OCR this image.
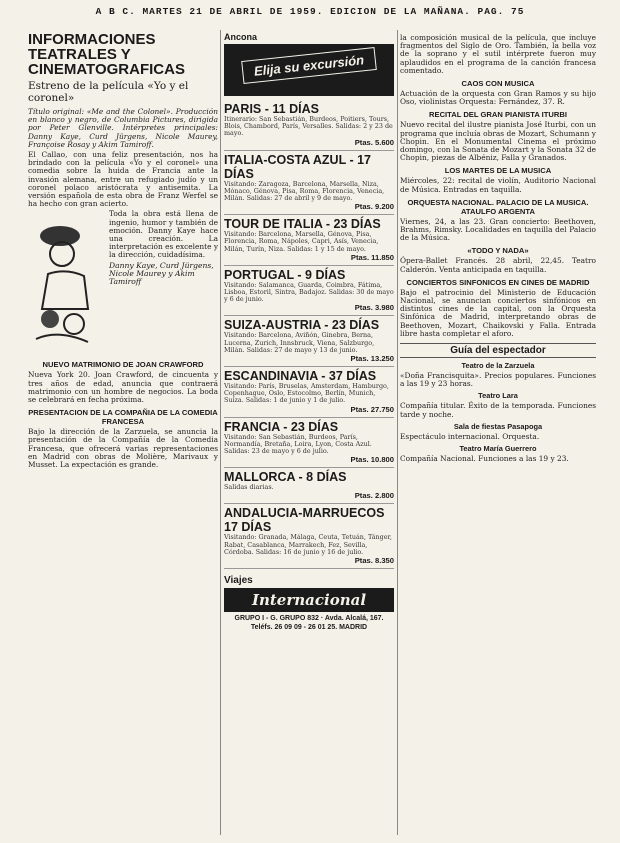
A B C. MARTES 21 DE ABRIL DE 1959. EDICION DE LA MAÑANA. PAG. 75
INFORMACIONES TEATRALES Y CINEMATOGRAFICAS
Estreno de la película «Yo y el coronel»
Título original: «Me and the Colonel». Producción en blanco y negro, de Columbia Pictures, dirigida por Peter Glenville. Intérpretes principales: Danny Kaye, Curd Jürgens, Nicole Maurey, Françoise Rosay y Akim Tamiroff.
El Callao, con una feliz presentación, nos ha brindado con la película «Yo y el coronel» una comedia sobre la huida de Francia ante la invasión alemana, entre un refugiado judío y un coronel polaco aristócrata y antisemita. La versión española de esta obra de Franz Werfel se ha hecho con gran acierto.
Toda la obra está llena de ingenio, humor y también de emoción. Danny Kaye hace una creación. La interpretación es excelente y la dirección, cuidadísima.
Danny Kaye, Curd Jürgens, Nicole Maurey y Akim Tamiroff
NUEVO MATRIMONIO DE JOAN CRAWFORD
Nueva York 20. Joan Crawford, de cincuenta y tres años de edad, anuncia que contraerá matrimonio con un hombre de negocios. La boda se celebrará en fecha próxima.
PRESENTACION DE LA COMPAÑIA DE LA COMEDIA FRANCESA
Bajo la dirección de la Zarzuela, se anuncia la presentación de la Compañía de la Comedia Francesa, que ofrecerá varias representaciones en Madrid con obras de Molière, Marivaux y Musset. La expectación es grande.
Ancona
Elija su excursión
PARIS - 11 DÍAS
Itinerario: San Sebastián, Burdeos, Poitiers, Tours, Blois, Chambord, París, Versalles. Salidas: 2 y 23 de mayo.
Ptas. 5.600
ITALIA-COSTA AZUL - 17 DÍAS
Visitando: Zaragoza, Barcelona, Marsella, Niza, Mónaco, Génova, Pisa, Roma, Florencia, Venecia, Milán. Salidas: 27 de abril y 9 de mayo.
Ptas. 9.200
TOUR DE ITALIA - 23 DÍAS
Visitando: Barcelona, Marsella, Génova, Pisa, Florencia, Roma, Nápoles, Capri, Asís, Venecia, Milán, Turín, Niza. Salidas: 1 y 15 de mayo.
Ptas. 11.850
PORTUGAL - 9 DÍAS
Visitando: Salamanca, Guarda, Coimbra, Fátima, Lisboa, Estoril, Sintra, Badajoz. Salidas: 30 de mayo y 6 de junio.
Ptas. 3.980
SUIZA-AUSTRIA - 23 DÍAS
Visitando: Barcelona, Aviñón, Ginebra, Berna, Lucerna, Zurich, Innsbruck, Viena, Salzburgo, Milán. Salidas: 27 de mayo y 13 de junio.
Ptas. 13.250
ESCANDINAVIA - 37 DÍAS
Visitando: París, Bruselas, Amsterdam, Hamburgo, Copenhague, Oslo, Estocolmo, Berlín, Munich, Suiza. Salidas: 1 de junio y 1 de julio.
Ptas. 27.750
FRANCIA - 23 DÍAS
Visitando: San Sebastián, Burdeos, París, Normandía, Bretaña, Loira, Lyon, Costa Azul. Salidas: 23 de mayo y 6 de julio.
Ptas. 10.800
MALLORCA - 8 DÍAS
Salidas diarias.
Ptas. 2.800
ANDALUCIA-MARRUECOS 17 DÍAS
Visitando: Granada, Málaga, Ceuta, Tetuán, Tánger, Rabat, Casablanca, Marrakech, Fez, Sevilla, Córdoba. Salidas: 16 de junio y 16 de julio.
Ptas. 8.350
Viajes
Internacional
GRUPO I - G. GRUPO 832 · Avda. Alcalá, 167. Teléfs. 26 09 09 - 26 01 25. MADRID
la composición musical de la película, que incluye fragmentos del Siglo de Oro. También, la bella voz de la soprano y el sutil intérprete fueron muy aplaudidos en el programa de la canción francesa comentado.
CAOS CON MUSICA
Actuación de la orquesta con Gran Ramos y su hijo Oso, violinistas Orquesta: Fernández, 37. R.
RECITAL DEL GRAN PIANISTA ITURBI
Nuevo recital del ilustre pianista José Iturbi, con un programa que incluía obras de Mozart, Schumann y Chopin. En el Monumental Cinema el próximo domingo, con la Sonata de Mozart y la Sonata 32 de Chopin, piezas de Albéniz, Falla y Granados.
LOS MARTES DE LA MUSICA
Miércoles, 22: recital de violín, Auditorio Nacional de Música. Entradas en taquilla.
ORQUESTA NACIONAL. PALACIO DE LA MUSICA. ATAULFO ARGENTA
Viernes, 24, a las 23. Gran concierto: Beethoven, Brahms, Rimsky. Localidades en taquilla del Palacio de la Música.
«TODO Y NADA»
Ópera-Ballet Francés. 28 abril, 22,45. Teatro Calderón. Venta anticipada en taquilla.
CONCIERTOS SINFONICOS EN CINES DE MADRID
Bajo el patrocinio del Ministerio de Educación Nacional, se anuncian conciertos sinfónicos en distintos cines de la capital, con la Orquesta Sinfónica de Madrid, interpretando obras de Beethoven, Mozart, Chaikovski y Falla. Entrada libre hasta completar el aforo.
Guía del espectador
Teatro de la Zarzuela
«Doña Francisquita». Precios populares. Funciones a las 19 y 23 horas.
Teatro Lara
Compañía titular. Éxito de la temporada. Funciones tarde y noche.
Sala de fiestas Pasapoga
Espectáculo internacional. Orquesta.
Teatro María Guerrero
Compañía Nacional. Funciones a las 19 y 23.
